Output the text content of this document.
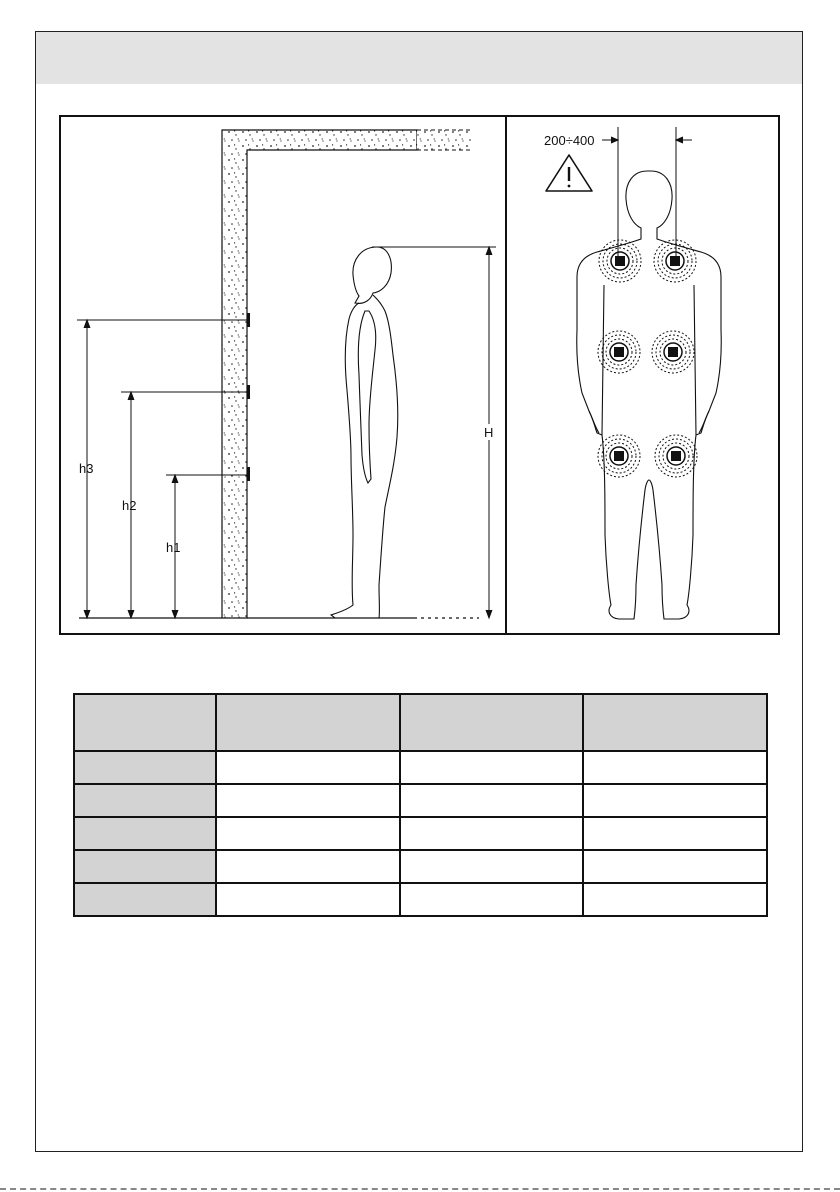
h3
h2
h1
H
200÷400
